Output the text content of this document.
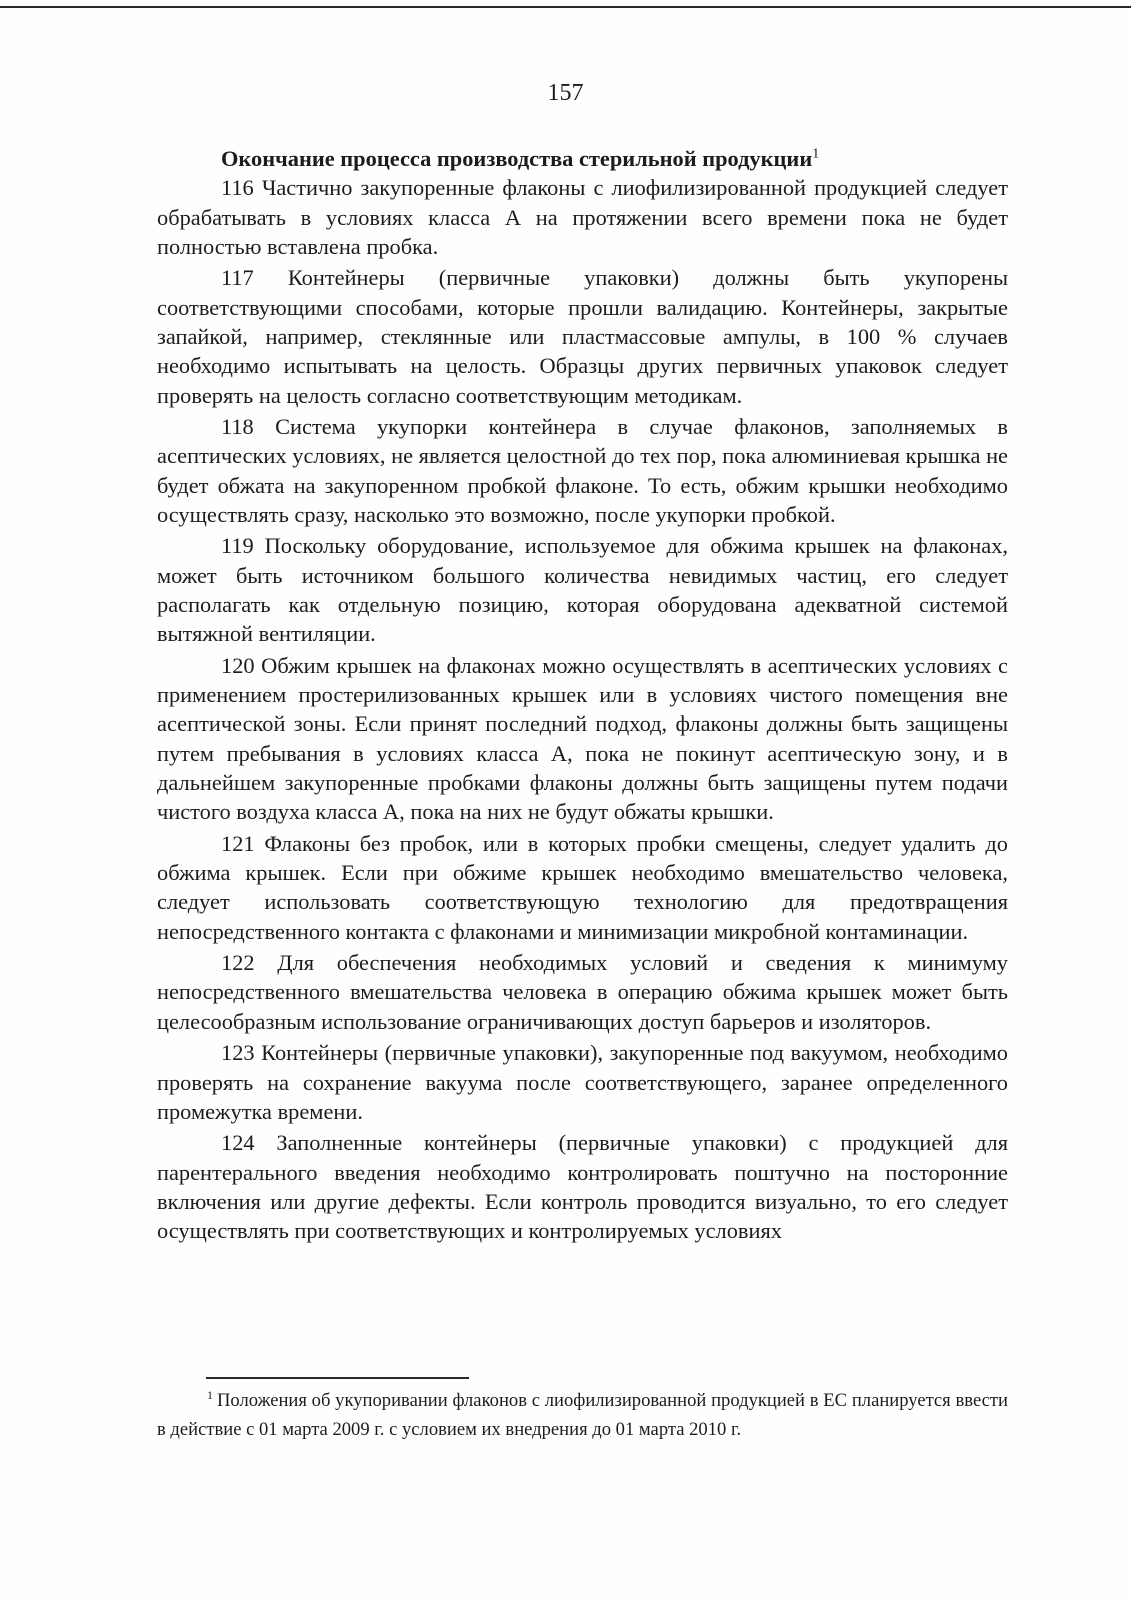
157

Окончание процесса производства стерильной продукции$^1$

116 Частично закупоренные флаконы с лиофилизированной продукцией следует обрабатывать в условиях класса А на протяжении всего времени пока не будет полностью вставлена пробка.

117 Контейнеры (первичные упаковки) должны быть укупорены соответствующими способами, которые прошли валидацию. Контейнеры, закрытые запайкой, например, стеклянные или пластмассовые ампулы, в 100 % случаев необходимо испытывать на целость. Образцы других первичных упаковок следует проверять на целость согласно соответствующим методикам.

118 Система укупорки контейнера в случае флаконов, заполняемых в асептических условиях, не является целостной до тех пор, пока алюминиевая крышка не будет обжата на закупоренном пробкой флаконе. То есть, обжим крышки необходимо осуществлять сразу, насколько это возможно, после укупорки пробкой.

119 Поскольку оборудование, используемое для обжима крышек на флаконах, может быть источником большого количества невидимых частиц, его следует располагать как отдельную позицию, которая оборудована адекватной системой вытяжной вентиляции.

120 Обжим крышек на флаконах можно осуществлять в асептических условиях с применением простерилизованных крышек или в условиях чистого помещения вне асептической зоны. Если принят последний подход, флаконы должны быть защищены путем пребывания в условиях класса А, пока не покинут асептическую зону, и в дальнейшем закупоренные пробками флаконы должны быть защищены путем подачи чистого воздуха класса А, пока на них не будут обжаты крышки.

121 Флаконы без пробок, или в которых пробки смещены, следует удалить до обжима крышек. Если при обжиме крышек необходимо вмешательство человека, следует использовать соответствующую технологию для предотвращения непосредственного контакта с флаконами и минимизации микробной контаминации.

122 Для обеспечения необходимых условий и сведения к минимуму непосредственного вмешательства человека в операцию обжима крышек может быть целесообразным использование ограничивающих доступ барьеров и изоляторов.

123 Контейнеры (первичные упаковки), закупоренные под вакуумом, необходимо проверять на сохранение вакуума после соответствующего, заранее определенного промежутка времени.

124 Заполненные контейнеры (первичные упаковки) с продукцией для парентерального введения необходимо контролировать поштучно на посторонние включения или другие дефекты. Если контроль проводится визуально, то его следует осуществлять при соответствующих и контролируемых условиях

$^1$ Положения об укупоривании флаконов с лиофилизированной продукцией в ЕС планируется ввести в действие с 01 марта 2009 г. с условием их внедрения до 01 марта 2010 г.
